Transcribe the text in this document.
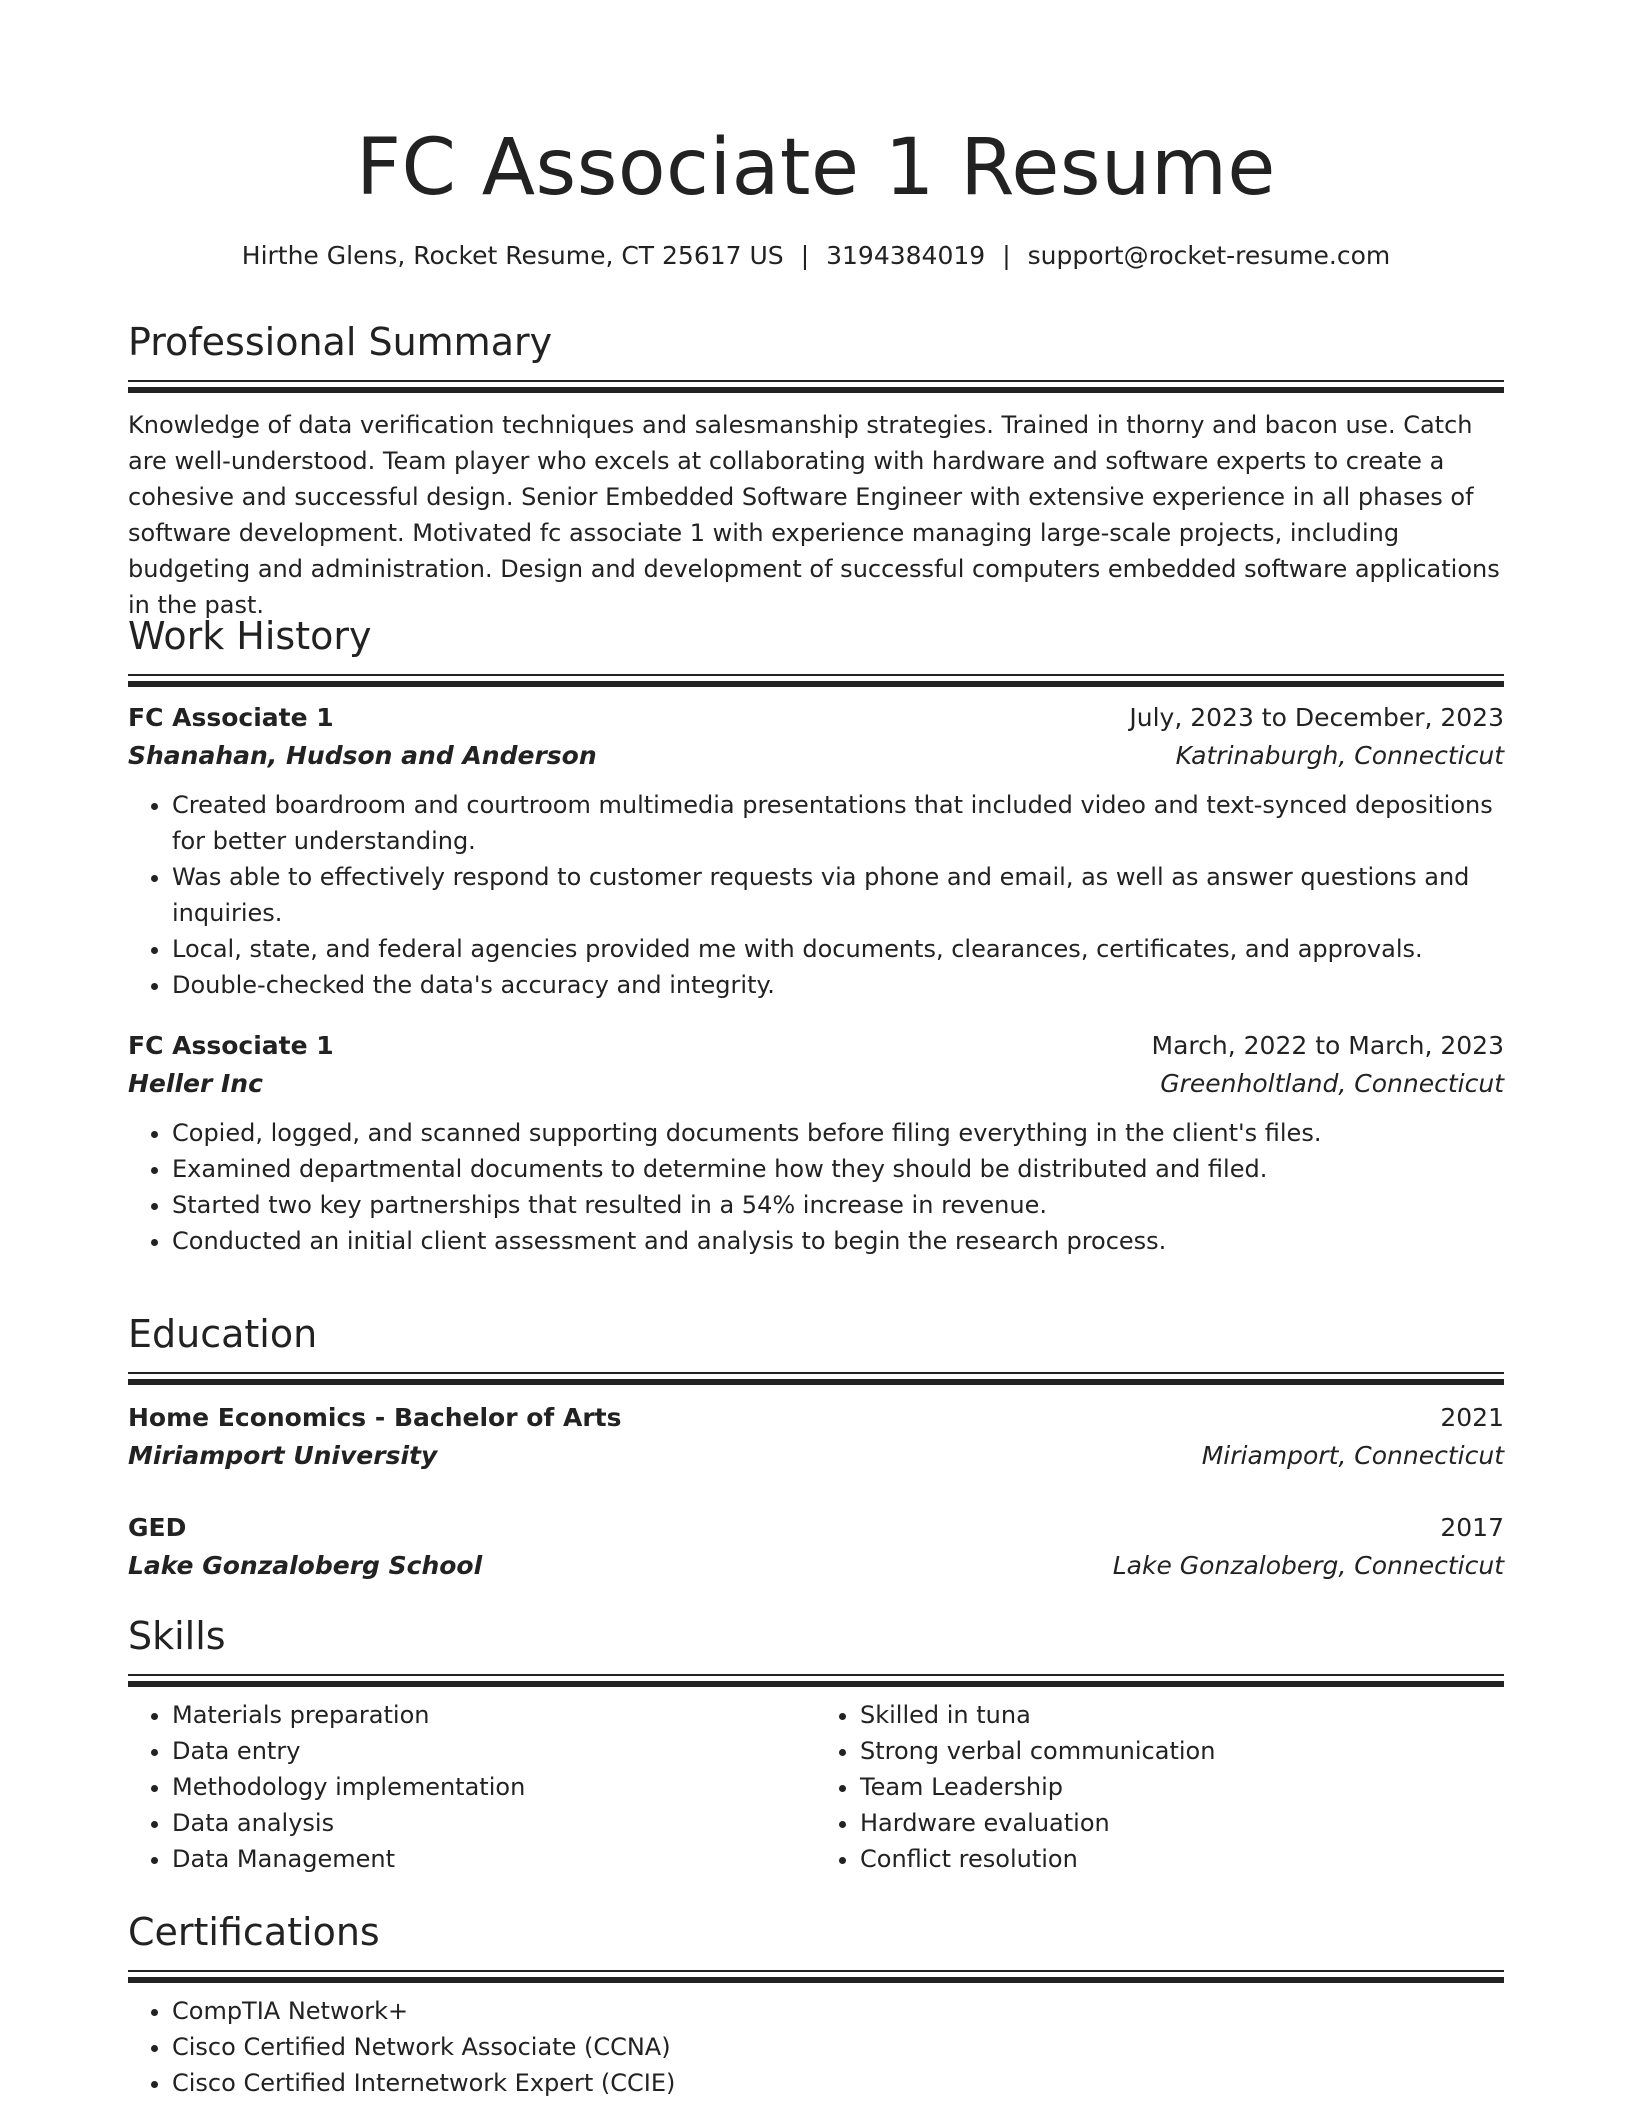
FC Associate 1 Resume
Hirthe Glens, Rocket Resume, CT 25617 US | 3194384019 | support@rocket-resume.com
Professional Summary
Knowledge of data verification techniques and salesmanship strategies. Trained in thorny and bacon use. Catch are well-understood. Team player who excels at collaborating with hardware and software experts to create a cohesive and successful design. Senior Embedded Software Engineer with extensive experience in all phases of software development. Motivated fc associate 1 with experience managing large-scale projects, including budgeting and administration. Design and development of successful computers embedded software applications in the past.
Work History
FC Associate 1	July, 2023 to December, 2023
Shanahan, Hudson and Anderson	Katrinaburgh, Connecticut
• Created boardroom and courtroom multimedia presentations that included video and text-synced depositions for better understanding.
• Was able to effectively respond to customer requests via phone and email, as well as answer questions and inquiries.
• Local, state, and federal agencies provided me with documents, clearances, certificates, and approvals.
• Double-checked the data's accuracy and integrity.
FC Associate 1	March, 2022 to March, 2023
Heller Inc	Greenholtland, Connecticut
• Copied, logged, and scanned supporting documents before filing everything in the client's files.
• Examined departmental documents to determine how they should be distributed and filed.
• Started two key partnerships that resulted in a 54% increase in revenue.
• Conducted an initial client assessment and analysis to begin the research process.
Education
Home Economics - Bachelor of Arts	2021
Miriamport University	Miriamport, Connecticut
GED	2017
Lake Gonzaloberg School	Lake Gonzaloberg, Connecticut
Skills
• Materials preparation
• Data entry
• Methodology implementation
• Data analysis
• Data Management
• Skilled in tuna
• Strong verbal communication
• Team Leadership
• Hardware evaluation
• Conflict resolution
Certifications
• CompTIA Network+
• Cisco Certified Network Associate (CCNA)
• Cisco Certified Internetwork Expert (CCIE)
